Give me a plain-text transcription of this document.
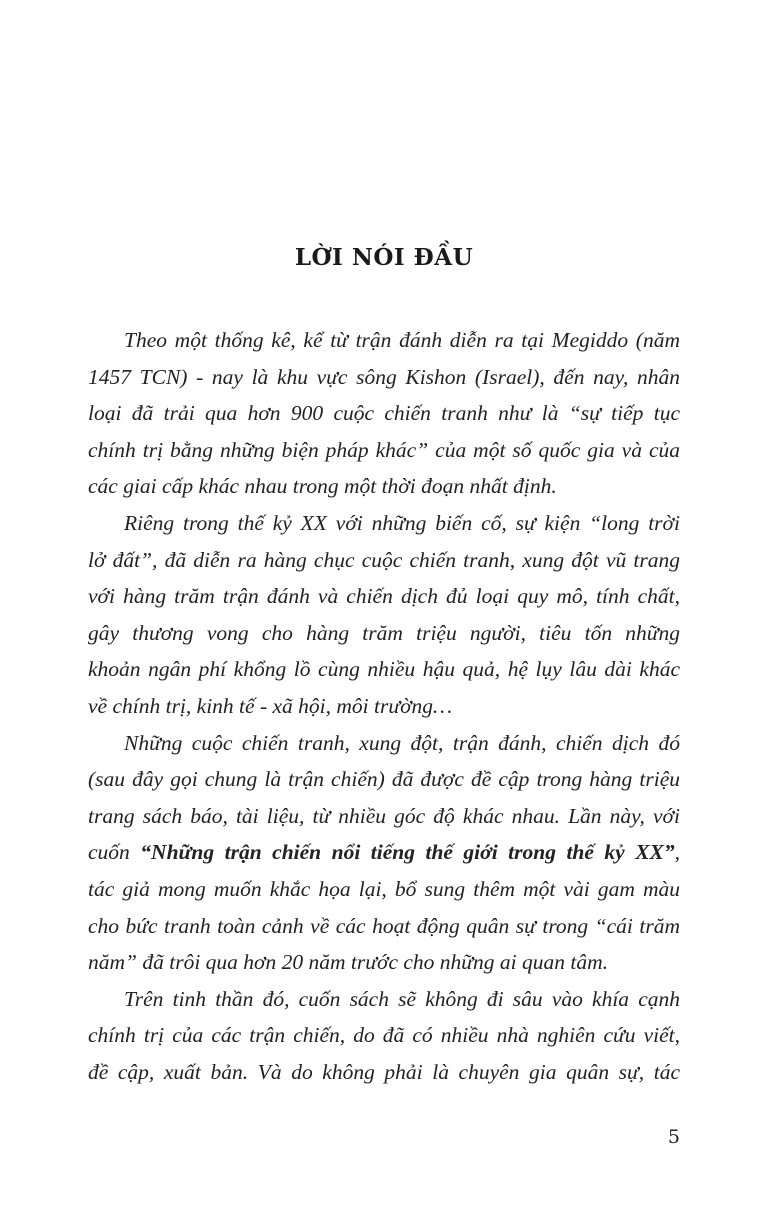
LỜI NÓI ĐẦU
Theo một thống kê, kể từ trận đánh diễn ra tại Megiddo (năm
1457 TCN) - nay là khu vực sông Kishon (Israel), đến nay, nhân
loại đã trải qua hơn 900 cuộc chiến tranh như là “sự tiếp tục
chính trị bằng những biện pháp khác” của một số quốc gia và của
các giai cấp khác nhau trong một thời đoạn nhất định.
Riêng trong thế kỷ XX với những biến cố, sự kiện “long trời
lở đất”, đã diễn ra hàng chục cuộc chiến tranh, xung đột vũ trang
với hàng trăm trận đánh và chiến dịch đủ loại quy mô, tính chất,
gây thương vong cho hàng trăm triệu người, tiêu tốn những
khoản ngân phí khổng lồ cùng nhiều hậu quả, hệ lụy lâu dài khác
về chính trị, kinh tế - xã hội, môi trường…
Những cuộc chiến tranh, xung đột, trận đánh, chiến dịch đó
(sau đây gọi chung là trận chiến) đã được đề cập trong hàng triệu
trang sách báo, tài liệu, từ nhiều góc độ khác nhau. Lần này, với
cuốn “Những trận chiến nổi tiếng thế giới trong thế kỷ XX”,
tác giả mong muốn khắc họa lại, bổ sung thêm một vài gam màu
cho bức tranh toàn cảnh về các hoạt động quân sự trong “cái trăm
năm” đã trôi qua hơn 20 năm trước cho những ai quan tâm.
Trên tinh thần đó, cuốn sách sẽ không đi sâu vào khía cạnh
chính trị của các trận chiến, do đã có nhiều nhà nghiên cứu viết,
đề cập, xuất bản. Và do không phải là chuyên gia quân sự, tác
5
